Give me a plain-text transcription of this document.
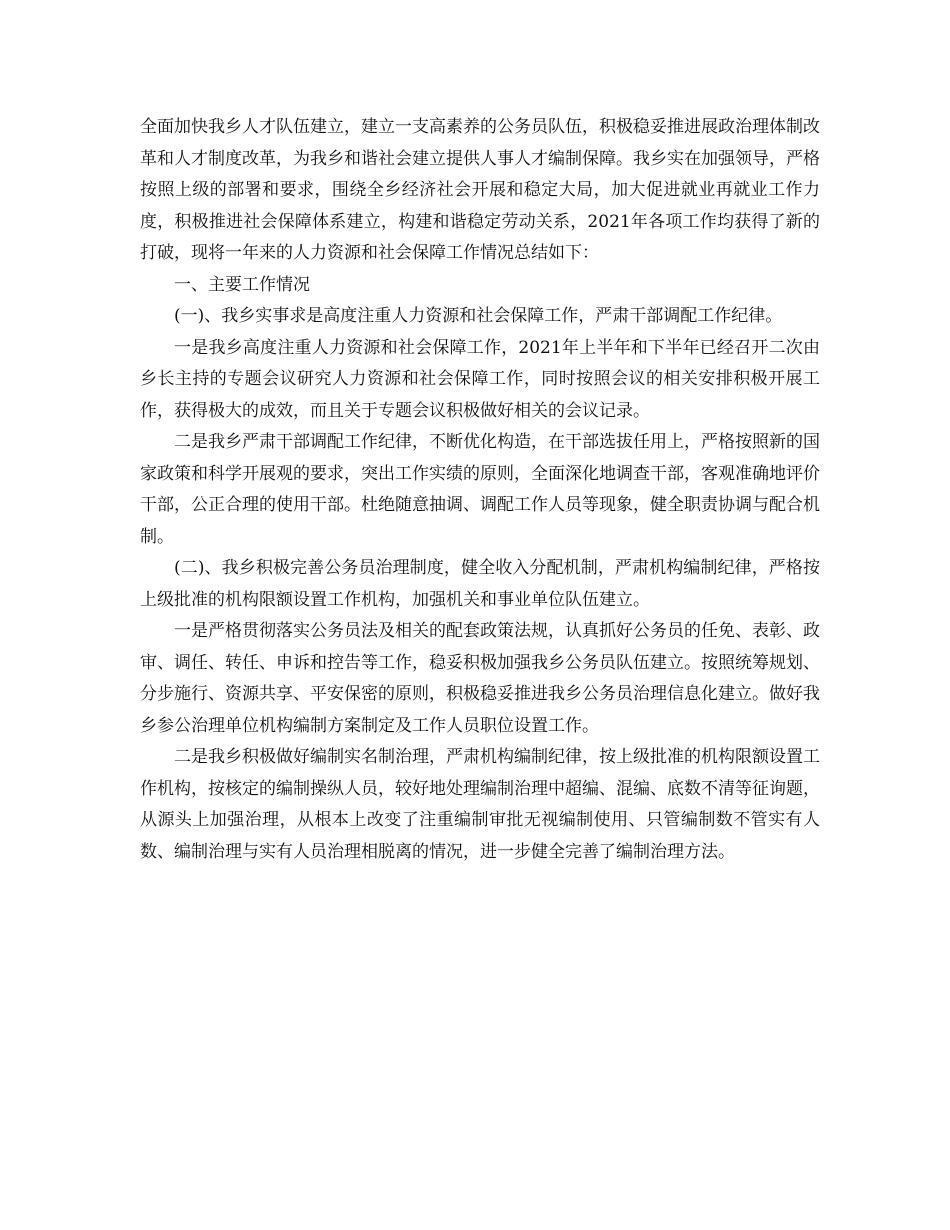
全面加快我乡人才队伍建立，建立一支高素养的公务员队伍，积极稳妥推进展政治理体制改革和人才制度改革，为我乡和谐社会建立提供人事人才编制保障。我乡实在加强领导，严格按照上级的部署和要求，围绕全乡经济社会开展和稳定大局，加大促进就业再就业工作力度，积极推进社会保障体系建立，构建和谐稳定劳动关系，2021年各项工作均获得了新的打破，现将一年来的人力资源和社会保障工作情况总结如下：

一、主要工作情况

(一)、我乡实事求是高度注重人力资源和社会保障工作，严肃干部调配工作纪律。

一是我乡高度注重人力资源和社会保障工作，2021年上半年和下半年已经召开二次由乡长主持的专题会议研究人力资源和社会保障工作，同时按照会议的相关安排积极开展工作，获得极大的成效，而且关于专题会议积极做好相关的会议记录。

二是我乡严肃干部调配工作纪律，不断优化构造，在干部选拔任用上，严格按照新的国家政策和科学开展观的要求，突出工作实绩的原则，全面深化地调查干部，客观准确地评价干部，公正合理的使用干部。杜绝随意抽调、调配工作人员等现象，健全职责协调与配合机制。

(二)、我乡积极完善公务员治理制度，健全收入分配机制，严肃机构编制纪律，严格按上级批准的机构限额设置工作机构，加强机关和事业单位队伍建立。

一是严格贯彻落实公务员法及相关的配套政策法规，认真抓好公务员的任免、表彰、政审、调任、转任、申诉和控告等工作，稳妥积极加强我乡公务员队伍建立。按照统筹规划、分步施行、资源共享、平安保密的原则，积极稳妥推进我乡公务员治理信息化建立。做好我乡参公治理单位机构编制方案制定及工作人员职位设置工作。

二是我乡积极做好编制实名制治理，严肃机构编制纪律，按上级批准的机构限额设置工作机构，按核定的编制操纵人员，较好地处理编制治理中超编、混编、底数不清等征询题，从源头上加强治理，从根本上改变了注重编制审批无视编制使用、只管编制数不管实有人数、编制治理与实有人员治理相脱离的情况，进一步健全完善了编制治理方法。
